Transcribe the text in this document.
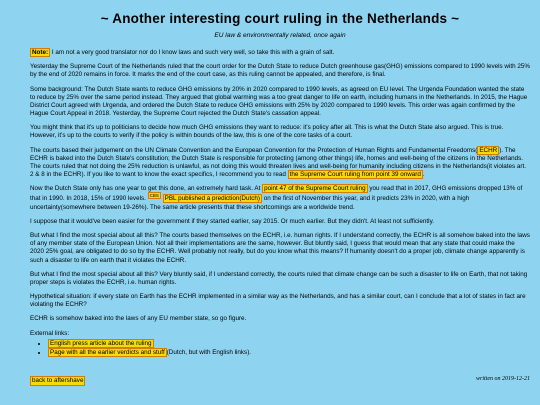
~ Another interesting court ruling in the Netherlands ~
EU law & environmentally related, once again

Note: I am not a very good translator nor do I know laws and such very well, so take this with a grain of salt.

Yesterday the Supreme Court of the Netherlands ruled that the court order for the Dutch State to reduce Dutch greenhouse gas(GHG) emissions compared to 1990 levels with 25% by the end of 2020 remains in force. It marks the end of the court case, as this ruling cannot be appealed, and therefore, is final.

Some background: The Dutch State wants to reduce GHG emissions by 20% in 2020 compared to 1990 levels, as agreed on EU level. The Urgenda Foundation wanted the state to reduce by 25% over the same period instead. They argued that global warming was a too great danger to life on earth, including humans in the Netherlands. In 2015, the Hague District Court agreed with Urgenda, and ordered the Dutch State to reduce GHG emissions with 25% by 2020 compared to 1990 levels. This order was again confirmed by the Hague Court Appeal in 2018. Yesterday, the Supreme Court rejected the Dutch State's cassation appeal.

You might think that it's up to politicians to decide how much GHG emissions they want to reduce: it's policy after all. This is what the Dutch State also argued. This is true. However, it's up to the courts to verify if the policy is within bounds of the law, this is one of the core tasks of a court.

The courts based their judgement on the UN Climate Convention and the European Convention for the Protection of Human Rights and Fundamental Freedoms( ECHR ). The ECHR is baked into the Dutch State's constitution; the Dutch State is responsible for protecting (among other things) life, homes and well-being of the citizens in the Netherlands. The courts ruled that not doing the 25% reduction is unlawful, as not doing this would threaten lives and well-being for humanity including citizens in the Netherlands(it violates art. 2 & 8 in the ECHR). If you like to want to know the exact specifics, I recommend you to read the Supreme Court ruling from point 39 onward .

Now the Dutch State only has one year to get this done, an extremely hard task. At point 47 of the Supreme Court ruling you read that in 2017, GHG emissions dropped 13% of that in 1990. In 2018, 15% of 1990 levels. $^{CBS}$ PBL published a prediction(Dutch) on the first of November this year, and it predicts 23% in 2020, with a high uncertainty(somewhere between 19-26%). The same article presents that these shortcomings are a worldwide trend.

I suppose that it would've been easier for the government if they started earlier, say 2015. Or much earlier. But they didn't. At least not sufficiently.

But what I find the most special about all this? The courts based themselves on the ECHR, i.e. human rights. If I understand correctly, the ECHR is all somehow baked into the laws of any member state of the European Union. Not all their implementations are the same, however. But bluntly said, I guess that would mean that any state that could make the 2020 25% goal, are obligated to do so by the ECHR. Well probably not really, but do you know what this means? If humanity doesn't do a proper job, climate change apparently is such a disaster to life on earth that it violates the ECHR.

But what I find the most special about all this? Very bluntly said, if I understand correctly, the courts ruled that climate change can be such a disaster to life on Earth, that not taking proper steps is violates the ECHR, i.e. human rights.

Hypothetical situation: if every state on Earth has the ECHR implemented in a similar way as the Netherlands, and has a similar court, can I conclude that a lot of states in fact are violating the ECHR?

ECHR is somehow baked into the laws of any EU member state, so go figure.

External links:
• English press article about the ruling
• Page with all the earlier verdicts and stuff (Dutch, but with English links).
back to aftershave	written on 2019-12-21
